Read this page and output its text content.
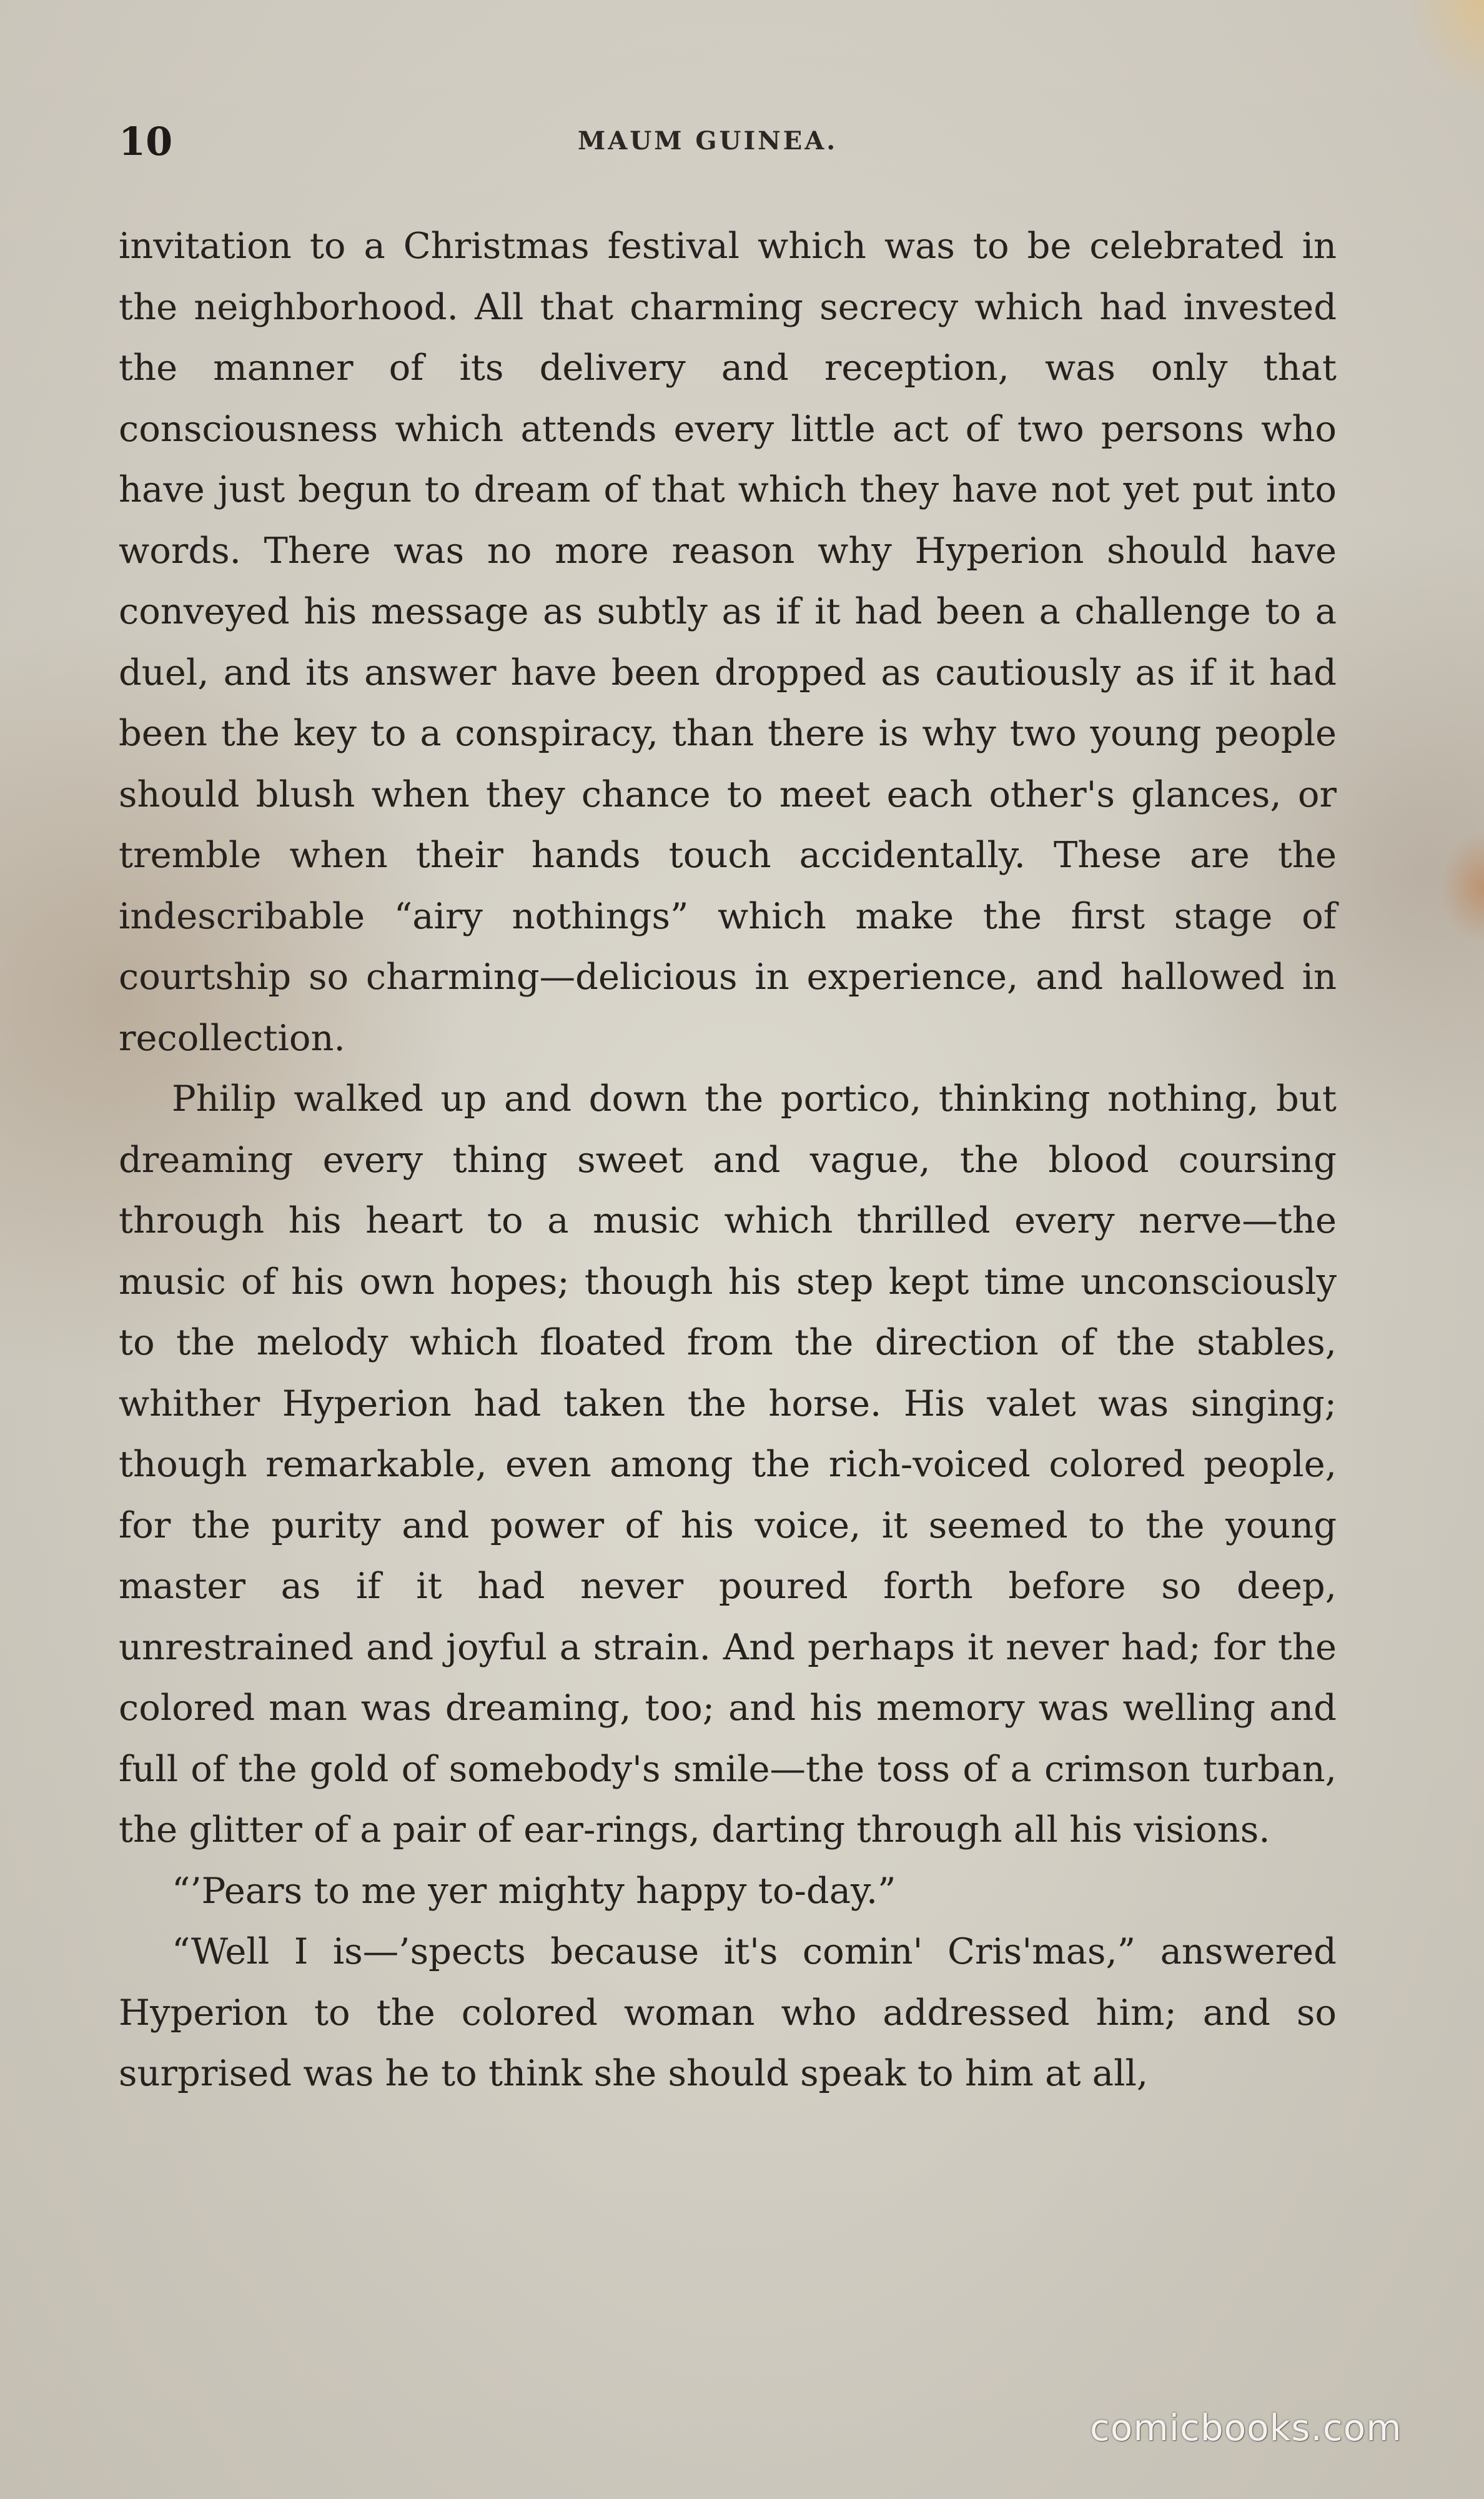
10	MAUM GUINEA.

invitation to a Christmas festival which was to be celebrated in the neighborhood. All that charming secrecy which had invested the manner of its delivery and reception, was only that consciousness which attends every little act of two persons who have just begun to dream of that which they have not yet put into words. There was no more reason why Hyperion should have conveyed his message as subtly as if it had been a challenge to a duel, and its answer have been dropped as cautiously as if it had been the key to a conspiracy, than there is why two young people should blush when they chance to meet each other's glances, or tremble when their hands touch accidentally. These are the indescribable “airy nothings” which make the first stage of courtship so charming—delicious in experience, and hallowed in recollection.

Philip walked up and down the portico, thinking nothing, but dreaming every thing sweet and vague, the blood coursing through his heart to a music which thrilled every nerve—the music of his own hopes; though his step kept time unconsciously to the melody which floated from the direction of the stables, whither Hyperion had taken the horse. His valet was singing; though remarkable, even among the rich-voiced colored people, for the purity and power of his voice, it seemed to the young master as if it had never poured forth before so deep, unrestrained and joyful a strain. And perhaps it never had; for the colored man was dreaming, too; and his memory was welling and full of the gold of somebody's smile—the toss of a crimson turban, the glitter of a pair of ear-rings, darting through all his visions.

“’Pears to me yer mighty happy to-day.”

“Well I is—’spects because it's comin' Cris'mas,” answered Hyperion to the colored woman who addressed him; and so surprised was he to think she should speak to him at all,

comicbooks.com
